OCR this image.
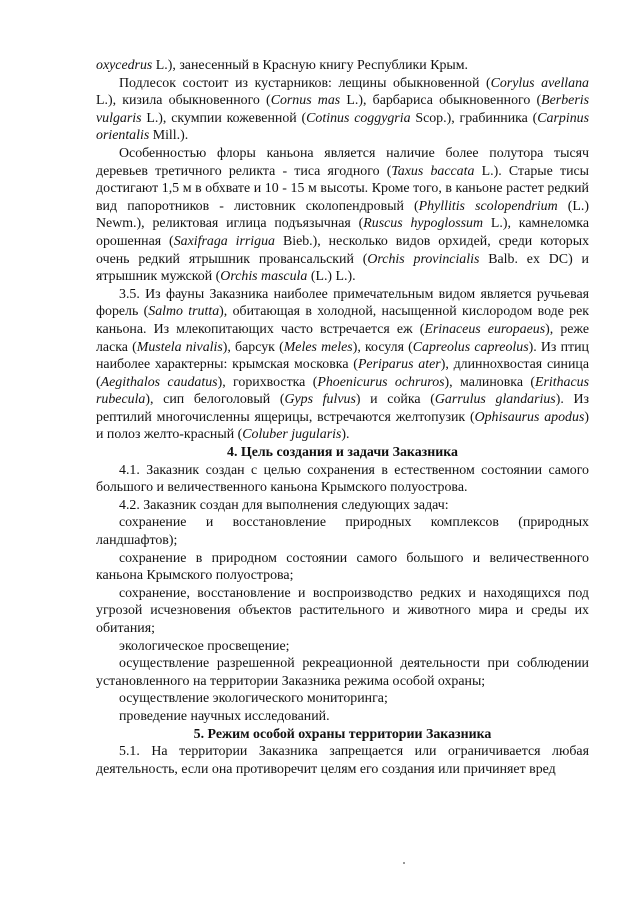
oxycedrus L.), занесенный в Красную книгу Республики Крым.

Подлесок состоит из кустарников: лещины обыкновенной (Corylus avellana L.), кизила обыкновенного (Cornus mas L.), барбариса обыкновенного (Berberis vulgaris L.), скумпии кожевенной (Cotinus coggygria Scop.), грабинника (Carpinus orientalis Mill.).

Особенностью флоры каньона является наличие более полутора тысяч деревьев третичного реликта - тиса ягодного (Taxus baccata L.). Старые тисы достигают 1,5 м в обхвате и 10 - 15 м высоты. Кроме того, в каньоне растет редкий вид папоротников - листовник сколопендровый (Phyllitis scolopendrium (L.) Newm.), реликтовая иглица подъязычная (Ruscus hypoglossum L.), камнеломка орошенная (Saxifraga irrigua Bieb.), несколько видов орхидей, среди которых очень редкий ятрышник провансальский (Orchis provincialis Balb. ex DC) и ятрышник мужской (Orchis mascula (L.) L.).

3.5. Из фауны Заказника наиболее примечательным видом является ручьевая форель (Salmo trutta), обитающая в холодной, насыщенной кислородом воде рек каньона. Из млекопитающих часто встречается еж (Erinaceus europaeus), реже ласка (Mustela nivalis), барсук (Meles meles), косуля (Capreolus capreolus). Из птиц наиболее характерны: крымская московка (Periparus ater), длиннохвостая синица (Aegithalos caudatus), горихвостка (Phoenicurus ochruros), малиновка (Erithacus rubecula), сип белоголовый (Gyps fulvus) и сойка (Garrulus glandarius). Из рептилий многочисленны ящерицы, встречаются желтопузик (Ophisaurus apodus) и полоз желто-красный (Coluber jugularis).

4. Цель создания и задачи Заказника

4.1. Заказник создан с целью сохранения в естественном состоянии самого большого и величественного каньона Крымского полуострова.

4.2. Заказник создан для выполнения следующих задач:

сохранение и восстановление природных комплексов (природных ландшафтов);

сохранение в природном состоянии самого большого и величественного каньона Крымского полуострова;

сохранение, восстановление и воспроизводство редких и находящихся под угрозой исчезновения объектов растительного и животного мира и среды их обитания;

экологическое просвещение;

осуществление разрешенной рекреационной деятельности при соблюдении установленного на территории Заказника режима особой охраны;

осуществление экологического мониторинга;

проведение научных исследований.

5. Режим особой охраны территории Заказника

5.1. На территории Заказника запрещается или ограничивается любая деятельность, если она противоречит целям его создания или причиняет вред
